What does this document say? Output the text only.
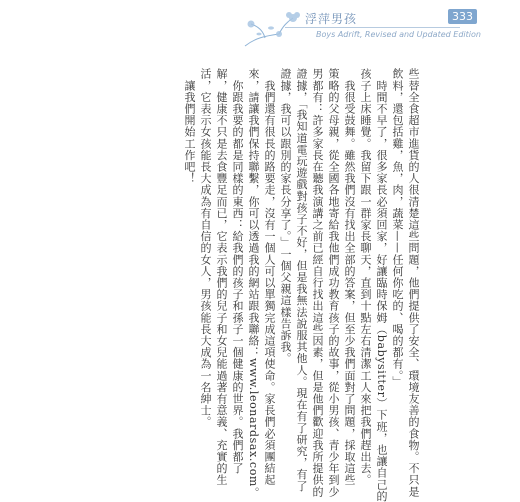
浮萍男孩	333
Boys Adrift, Revised and Updated Edition
些替全食超市進貨的人很清楚這些問題，他們提供了安全、環境友善的食物。不只是
飲料，還包括雞，魚，肉，蔬菜——任何你吃的、喝的都有。」
　時間不早了，很多家長必須回家，好讓臨時保姆（babysitter）下班，也讓自己的
孩子上床睡覺。我留下跟一群家長聊天，直到十點左右清潔工人來把我們趕出去。
　我很受鼓舞。雖然我們沒有找出全部的答案，但至少我們面對了問題，採取這些
策略的父母親，從全國各地寄給我他們成功教育孩子的故事，從小男孩、青少年到少
男都有：許多家長在聽我演講之前已經自行找出這些因素，但是他們歡迎我所提供的
證據，「我知道電玩遊戲對孩子不好，但是我無法說服其他人。現在有了研究，有了
證據，我可以跟別的家長分享了。」一個父親這樣告訴我。
　我們還有很長的路要走，沒有一個人可以單獨完成這項使命。家長們必須團結起
來，請讓我們保持聯繫，你可以透過我的網站跟我聯絡：www.leonardsax.com。
　你跟我要的都是同樣的東西：給我們的孩子和孫子一個健康的世界。我們都了
解，健康不只是去食豐足而已，它表示我們的兒子和女兒能過著有意義、充實的生
活，它表示女孩能長大成為有自信的女人，男孩能長大成為一名紳士。
　讓我們開始工作吧！
